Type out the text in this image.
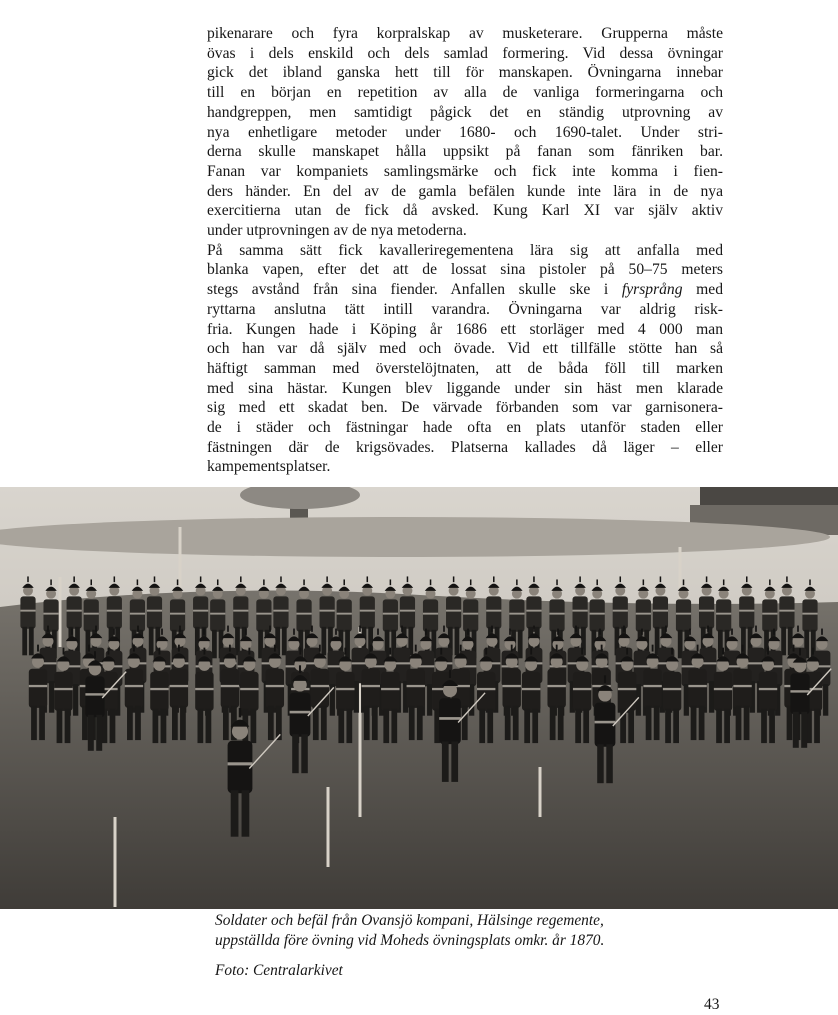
pikenarare och fyra korpralskap av musketerare. Grupperna måste
övas i dels enskild och dels samlad formering. Vid dessa övningar
gick det ibland ganska hett till för manskapen. Övningarna innebar
till en början en repetition av alla de vanliga formeringarna och
handgreppen, men samtidigt pågick det en ständig utprovning av
nya enhetligare metoder under 1680- och 1690-talet. Under stri-
derna skulle manskapet hålla uppsikt på fanan som fänriken bar.
Fanan var kompaniets samlingsmärke och fick inte komma i fien-
ders händer. En del av de gamla befälen kunde inte lära in de nya
exercitierna utan de fick då avsked. Kung Karl XI var själv aktiv
under utprovningen av de nya metoderna.

På samma sätt fick kavalleriregementena lära sig att anfalla med
blanka vapen, efter det att de lossat sina pistoler på 50–75 meters
stegs avstånd från sina fiender. Anfallen skulle ske i fyrsprång med
ryttarna anslutna tätt intill varandra. Övningarna var aldrig risk-
fria. Kungen hade i Köping år 1686 ett storläger med 4 000 man
och han var då själv med och övade. Vid ett tillfälle stötte han så
häftigt samman med överstelöjtnaten, att de båda föll till marken
med sina hästar. Kungen blev liggande under sin häst men klarade
sig med ett skadat ben. De värvade förbanden som var garnisonera-
de i städer och fästningar hade ofta en plats utanför staden eller
fästningen där de krigsövades. Platserna kallades då läger – eller
kampementsplatser.

Soldater och befäl från Ovansjö kompani, Hälsinge regemente,
uppställda före övning vid Moheds övningsplats omkr. år 1870.
Foto: Centralarkivet
43
